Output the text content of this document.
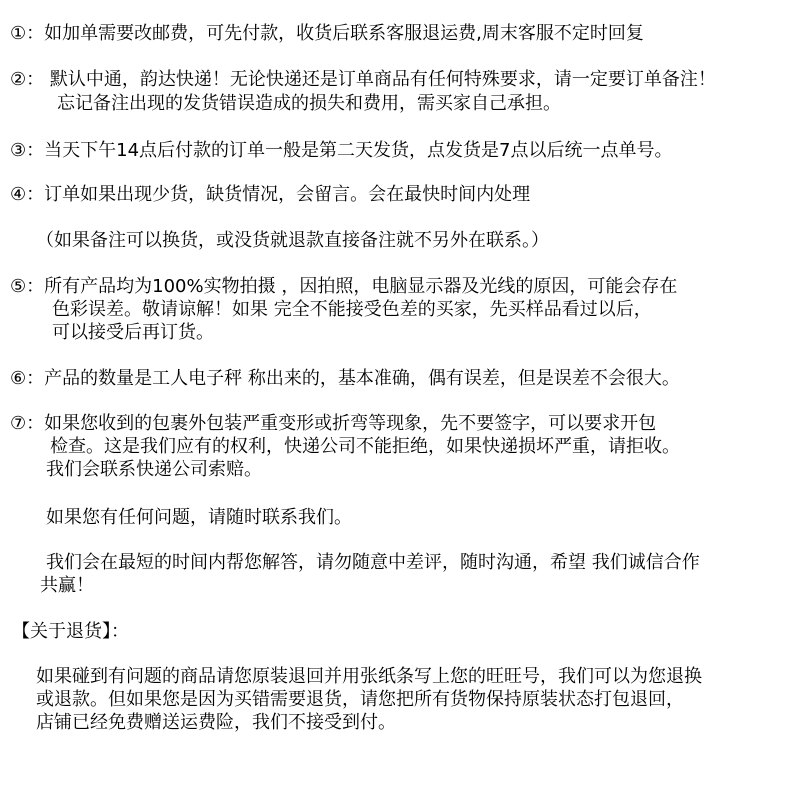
①：如加单需要改邮费，可先付款，收货后联系客服退运费,周末客服不定时回复
②： 默认中通，韵达快递！无论快递还是订单商品有任何特殊要求，请一定要订单备注！
忘记备注出现的发货错误造成的损失和费用，需买家自己承担。
③：当天下午14点后付款的订单一般是第二天发货，点发货是7点以后统一点单号。
④：订单如果出现少货，缺货情况，会留言。会在最快时间内处理
（如果备注可以换货，或没货就退款直接备注就不另外在联系。）
⑤：所有产品均为100%实物拍摄 ，因拍照，电脑显示器及光线的原因，可能会存在
色彩误差。敬请谅解！如果 完全不能接受色差的买家，先买样品看过以后，
可以接受后再订货。
⑥：产品的数量是工人电子秤 称出来的，基本准确，偶有误差，但是误差不会很大。
⑦：如果您收到的包裹外包装严重变形或折弯等现象，先不要签字，可以要求开包
检查。这是我们应有的权利，快递公司不能拒绝，如果快递损坏严重，请拒收。
我们会联系快递公司索赔。
如果您有任何问题，请随时联系我们。
我们会在最短的时间内帮您解答，请勿随意中差评，随时沟通，希望 我们诚信合作
共赢！
【关于退货】：
如果碰到有问题的商品请您原装退回并用张纸条写上您的旺旺号，我们可以为您退换
或退款。但如果您是因为买错需要退货，请您把所有货物保持原装状态打包退回，
店铺已经免费赠送运费险，我们不接受到付。
